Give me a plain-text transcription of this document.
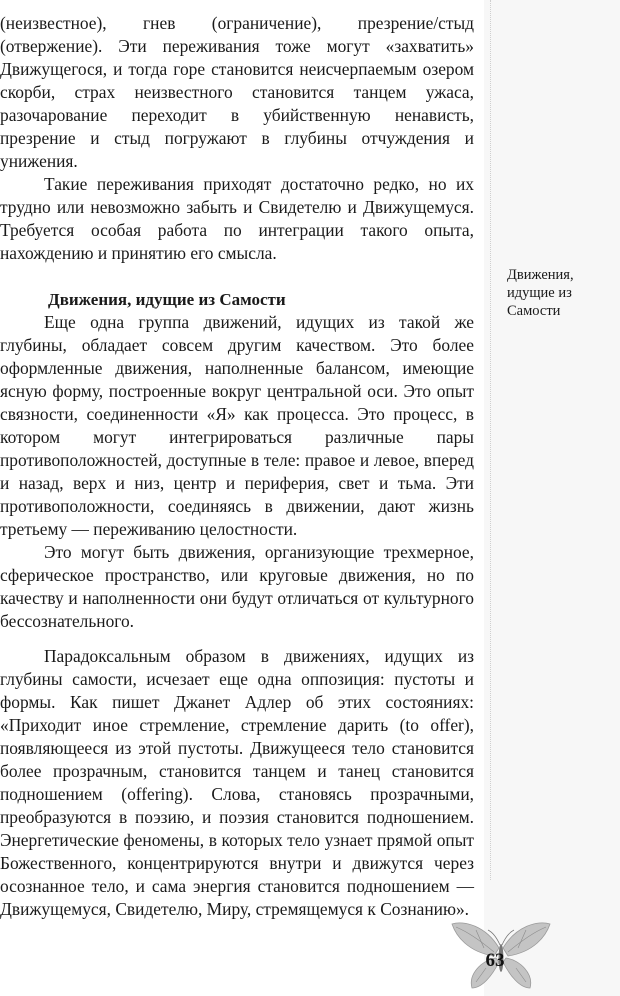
(неизвестное), гнев (ограничение), презрение/стыд (отвержение). Эти переживания тоже могут «захватить» Движущегося, и тогда горе становится неисчерпаемым озером скорби, страх неизвестного становится танцем ужаса, разочарование переходит в убийственную ненависть, презрение и стыд погружают в глубины отчуждения и унижения.

Такие переживания приходят достаточно редко, но их трудно или невозможно забыть и Свидетелю и Движущемуся. Требуется особая работа по интеграции такого опыта, нахождению и принятию его смысла.

Движения, идущие из Самости

Еще одна группа движений, идущих из такой же глубины, обладает совсем другим качеством. Это более оформленные движения, наполненные балансом, имеющие ясную форму, построенные вокруг центральной оси. Это опыт связности, соединенности «Я» как процесса. Это процесс, в котором могут интегрироваться различные пары противоположностей, доступные в теле: правое и левое, вперед и назад, верх и низ, центр и периферия, свет и тьма. Эти противоположности, соединяясь в движении, дают жизнь третьему — переживанию целостности.

Это могут быть движения, организующие трехмерное, сферическое пространство, или круговые движения, но по качеству и наполненности они будут отличаться от культурного бессознательного.

Парадоксальным образом в движениях, идущих из глубины самости, исчезает еще одна оппозиция: пустоты и формы. Как пишет Джанет Адлер об этих состояниях: «Приходит иное стремление, стремление дарить (to offer), появляющееся из этой пустоты. Движущееся тело становится более прозрачным, становится танцем и танец становится подношением (offering). Слова, становясь прозрачными, преобразуются в поэзию, и поэзия становится подношением. Энергетические феномены, в которых тело узнает прямой опыт Божественного, концентрируются внутри и движутся через осознанное тело, и сама энергия становится подношением — Движущемуся, Свидетелю, Миру, стремящемуся к Сознанию».

Движения, идущие из Самости
63
